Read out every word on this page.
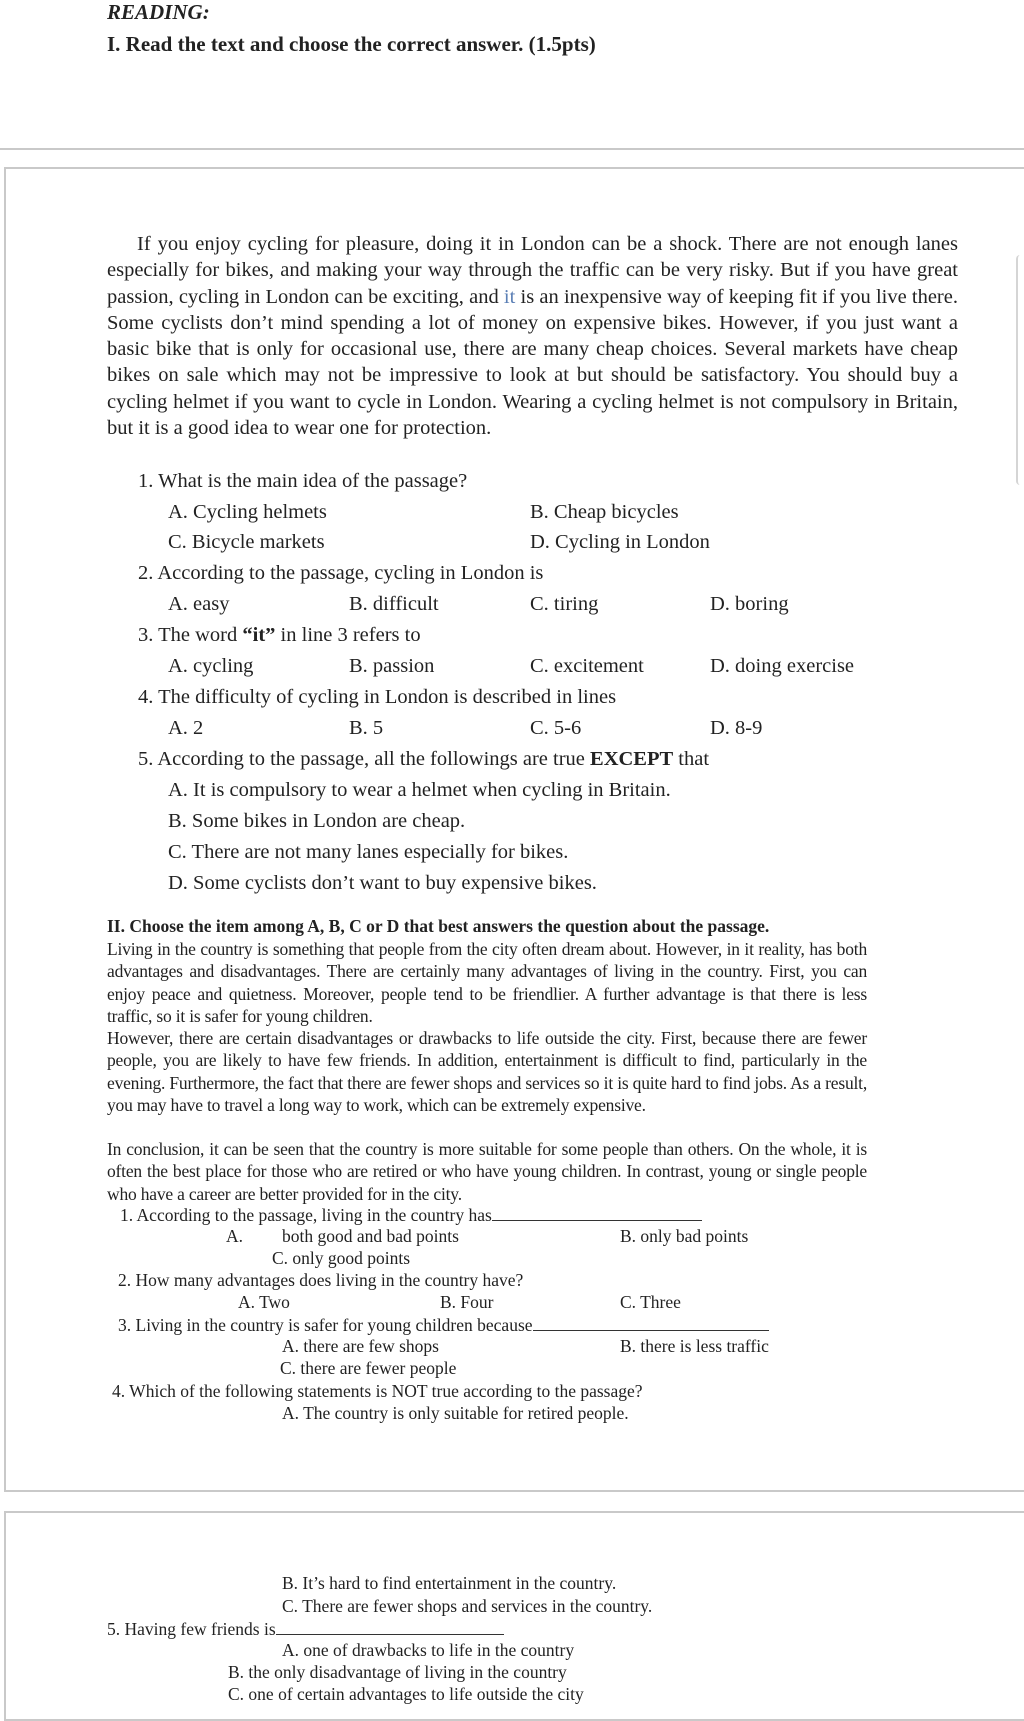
READING:

I. Read the text and choose the correct answer. (1.5pts)

If you enjoy cycling for pleasure, doing it in London can be a shock. There are not enough lanes especially for bikes, and making your way through the traffic can be very risky. But if you have great passion, cycling in London can be exciting, and it is an inexpensive way of keeping fit if you live there. Some cyclists don’t mind spending a lot of money on expensive bikes. However, if you just want a basic bike that is only for occasional use, there are many cheap choices. Several markets have cheap bikes on sale which may not be impressive to look at but should be satisfactory. You should buy a cycling helmet if you want to cycle in London. Wearing a cycling helmet is not compulsory in Britain, but it is a good idea to wear one for protection.

1. What is the main idea of the passage?

A. Cycling helmets	B. Cheap bicycles

C. Bicycle markets	D. Cycling in London

2. According to the passage, cycling in London is

A. easy	B. difficult	C. tiring	D. boring

3. The word “it” in line 3 refers to

A. cycling	B. passion	C. excitement	D. doing exercise

4. The difficulty of cycling in London is described in lines

A. 2	B. 5	C. 5-6	D. 8-9

5. According to the passage, all the followings are true EXCEPT that

A. It is compulsory to wear a helmet when cycling in Britain.

B. Some bikes in London are cheap.

C. There are not many lanes especially for bikes.

D. Some cyclists don’t want to buy expensive bikes.

II. Choose the item among A, B, C or D that best answers the question about the passage.

Living in the country is something that people from the city often dream about. However, in it reality, has both advantages and disadvantages. There are certainly many advantages of living in the country. First, you can enjoy peace and quietness. Moreover, people tend to be friendlier. A further advantage is that there is less traffic, so it is safer for young children.

However, there are certain disadvantages or drawbacks to life outside the city. First, because there are fewer people, you are likely to have few friends. In addition, entertainment is difficult to find, particularly in the evening. Furthermore, the fact that there are fewer shops and services so it is quite hard to find jobs. As a result, you may have to travel a long way to work, which can be extremely expensive.

In conclusion, it can be seen that the country is more suitable for some people than others. On the whole, it is often the best place for those who are retired or who have young children. In contrast, young or single people who have a career are better provided for in the city.

1. According to the passage, living in the country has

A. both good and bad points	B. only bad points

C. only good points

2. How many advantages does living in the country have?

A. Two	B. Four	C. Three

3. Living in the country is safer for young children because

A. there are few shops	B. there is less traffic

C. there are fewer people

4. Which of the following statements is NOT true according to the passage?

A. The country is only suitable for retired people.

B. It’s hard to find entertainment in the country.

C. There are fewer shops and services in the country.

5. Having few friends is

A. one of drawbacks to life in the country

B. the only disadvantage of living in the country

C. one of certain advantages to life outside the city
